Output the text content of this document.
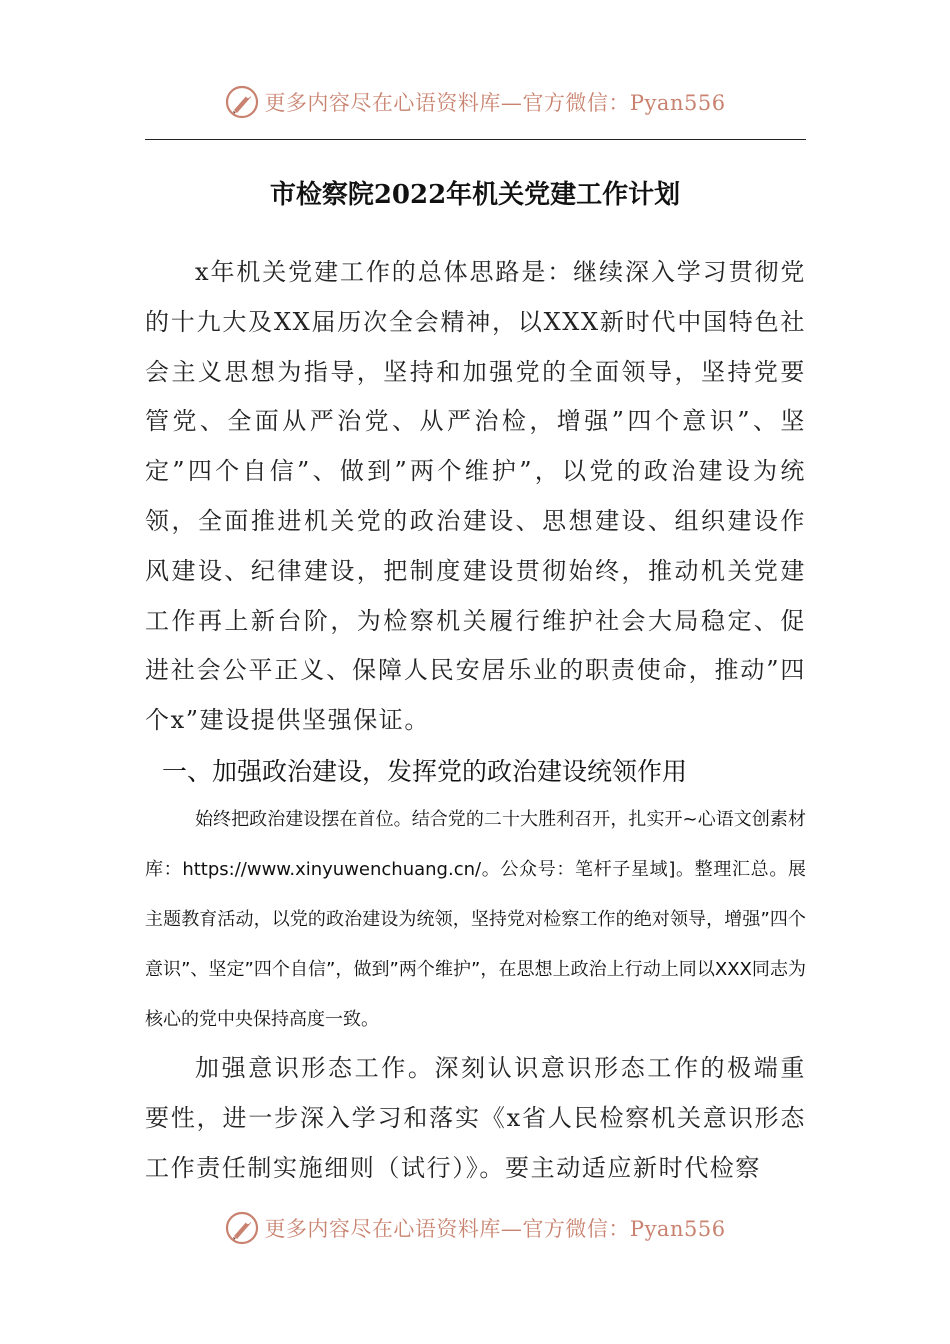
更多内容尽在心语资料库— 官方微信：Pyan556
市检察院2022年机关党建工作计划

x年机关党建工作的总体思路是：继续深入学习贯彻党的十九大及XX届历次全会精神，以XXX新时代中国特色社会主义思想为指导，坚持和加强党的全面领导，坚持党要管党、全面从严治党、从严治检，增强”四个意识”、坚定”四个自信”、做到”两个维护”，以党的政治建设为统领，全面推进机关党的政治建设、思想建设、组织建设作风建设、纪律建设，把制度建设贯彻始终，推动机关党建工作再上新台阶，为检察机关履行维护社会大局稳定、促进社会公平正义、保障人民安居乐业的职责使命，推动”四个x”建设提供坚强保证。

一、加强政治建设，发挥党的政治建设统领作用

始终把政治建设摆在首位。结合党的二十大胜利召开，扎实开~心语文创素材库：https://www.xinyuwenchuang.cn/。公众号：笔杆子星域]。整理汇总。展主题教育活动，以党的政治建设为统领，坚持党对检察工作的绝对领导，增强”四个意识”、坚定”四个自信”，做到”两个维护”，在思想上政治上行动上同以XXX同志为核心的党中央保持高度一致。

加强意识形态工作。深刻认识意识形态工作的极端重要性，进一步深入学习和落实《x省人民检察机关意识形态工作责任制实施细则（试行）》。要主动适应新时代检察

更多内容尽在心语资料库— 官方微信：Pyan556
